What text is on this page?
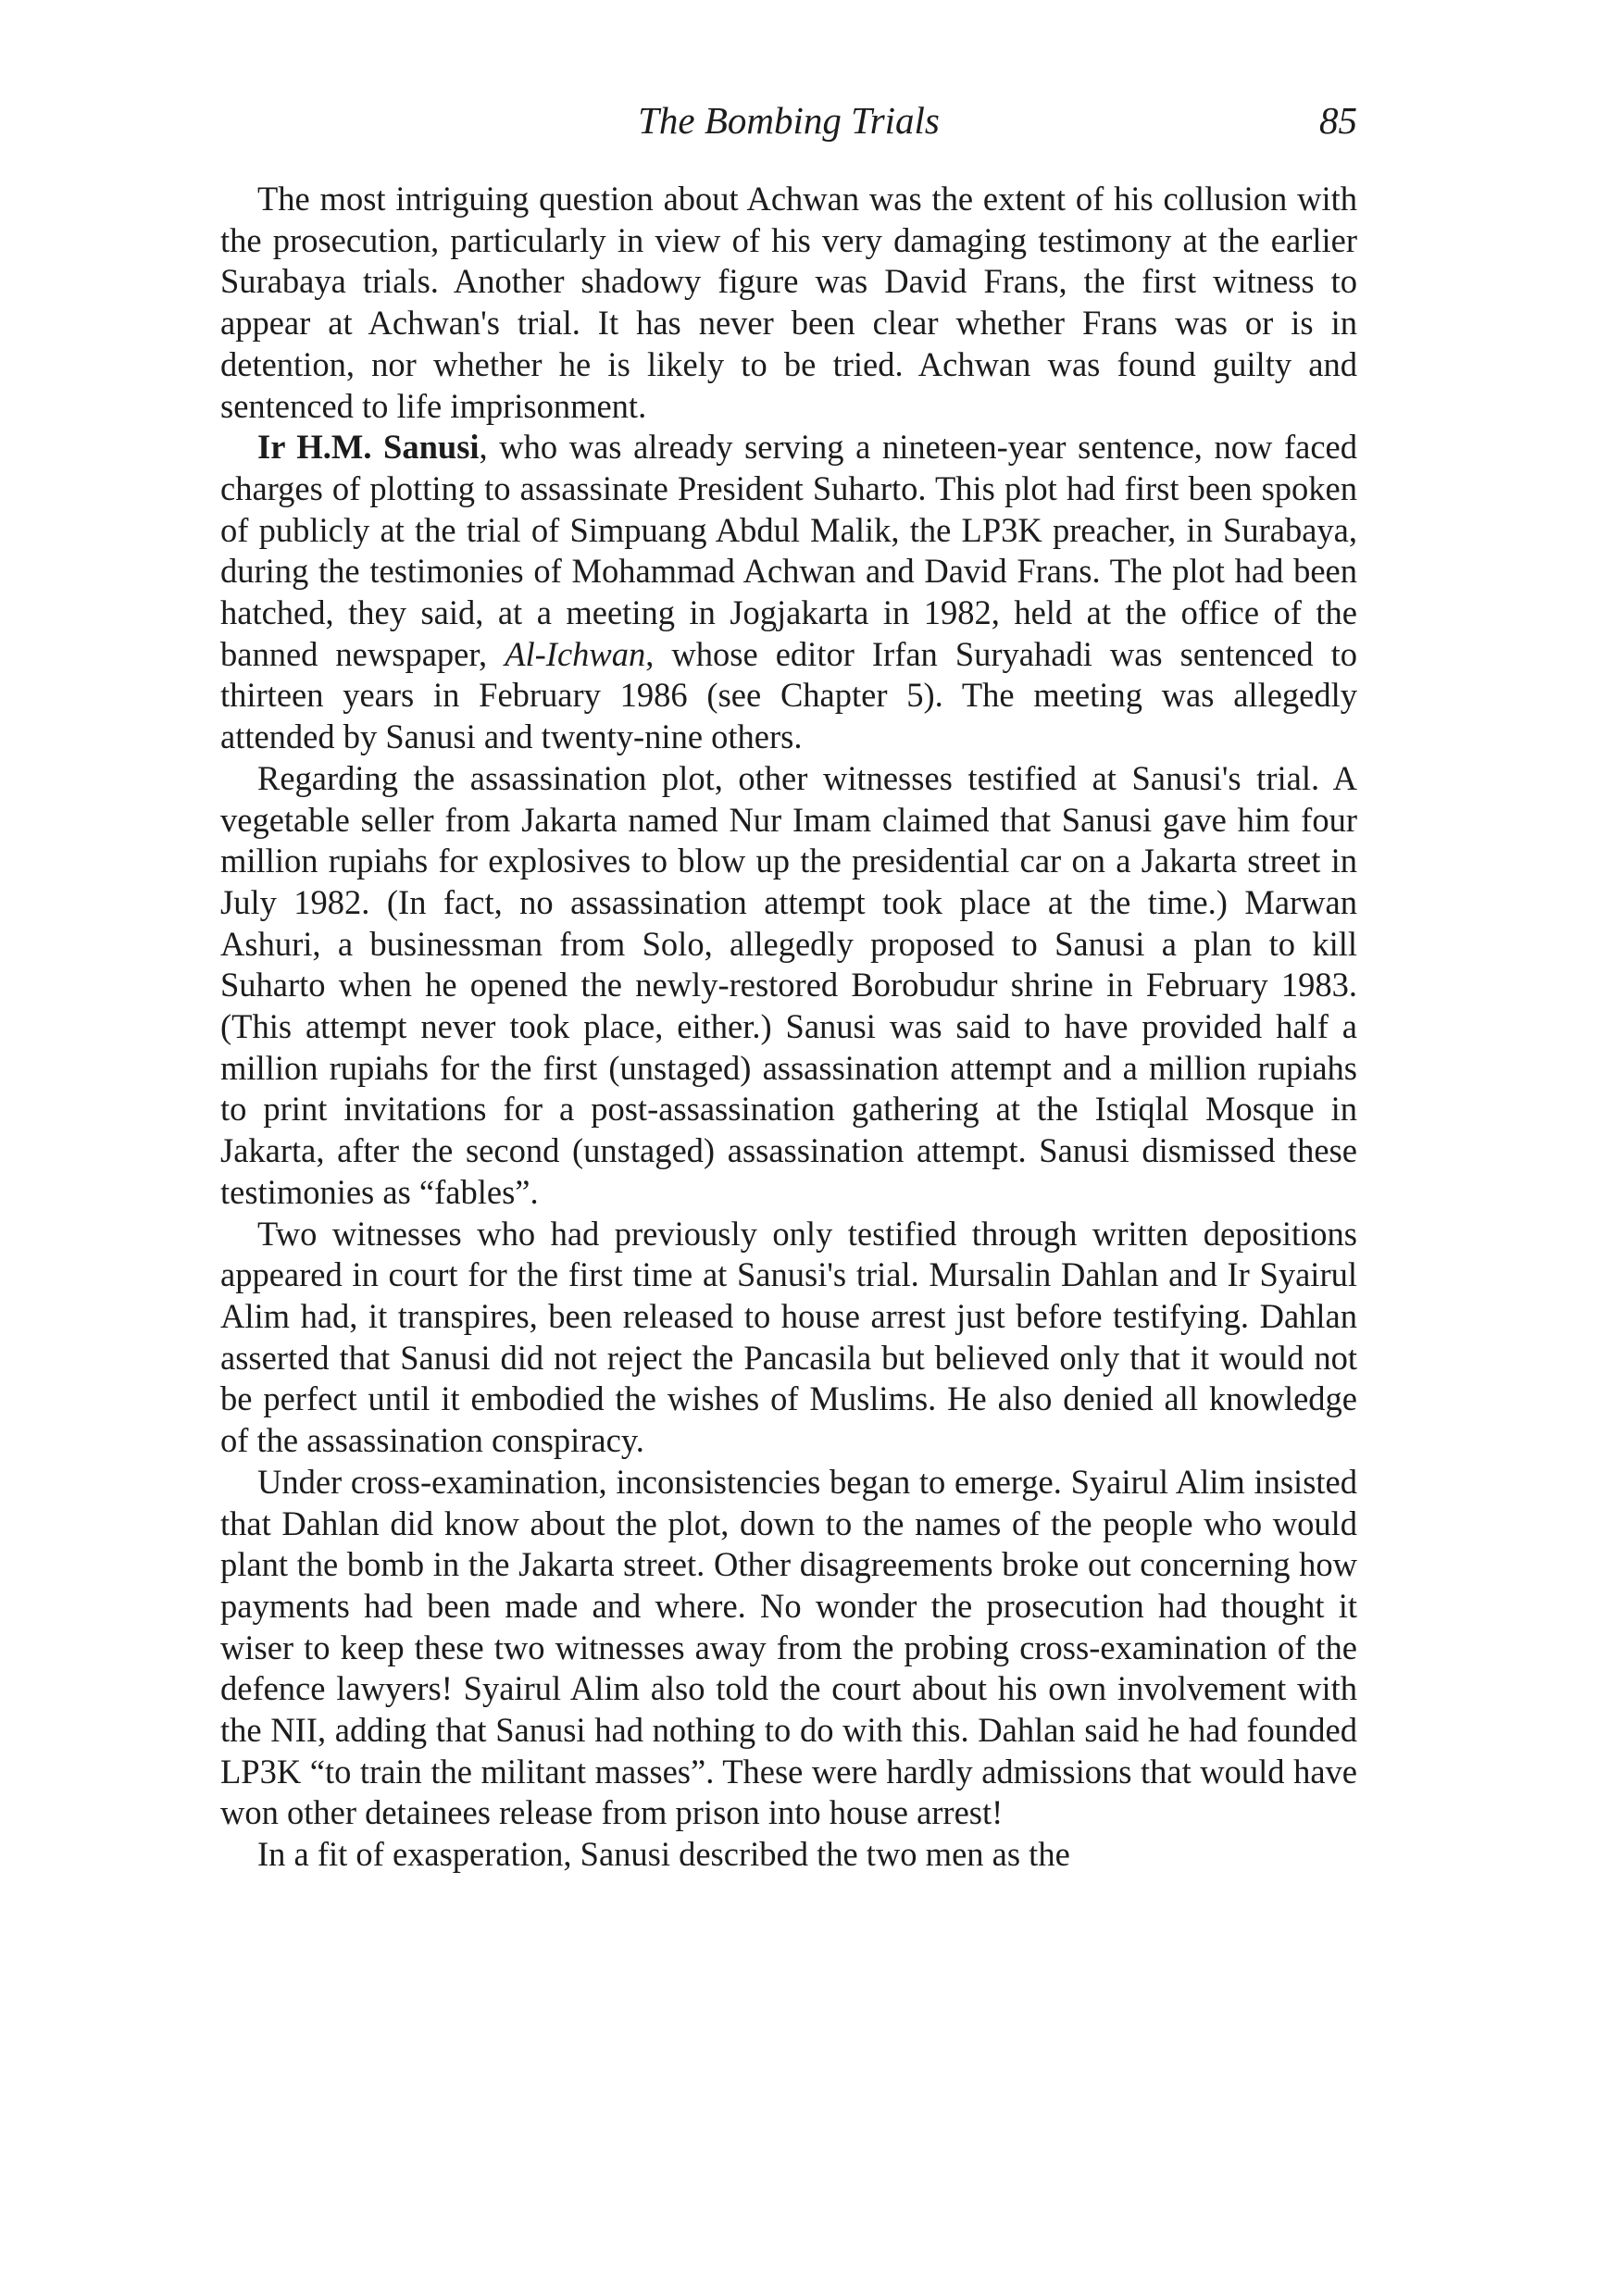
The Bombing Trials	85

The most intriguing question about Achwan was the extent of his collusion with the prosecution, particularly in view of his very damaging testimony at the earlier Surabaya trials. Another shadowy figure was David Frans, the first witness to appear at Achwan's trial. It has never been clear whether Frans was or is in detention, nor whether he is likely to be tried. Achwan was found guilty and sentenced to life imprisonment.

Ir H.M. Sanusi, who was already serving a nineteen-year sentence, now faced charges of plotting to assassinate President Suharto. This plot had first been spoken of publicly at the trial of Simpuang Abdul Malik, the LP3K preacher, in Surabaya, during the testimonies of Mohammad Achwan and David Frans. The plot had been hatched, they said, at a meeting in Jogjakarta in 1982, held at the office of the banned newspaper, Al-Ichwan, whose editor Irfan Suryahadi was sentenced to thirteen years in February 1986 (see Chapter 5). The meeting was allegedly attended by Sanusi and twenty-nine others.

Regarding the assassination plot, other witnesses testified at Sanusi's trial. A vegetable seller from Jakarta named Nur Imam claimed that Sanusi gave him four million rupiahs for explosives to blow up the presidential car on a Jakarta street in July 1982. (In fact, no assassination attempt took place at the time.) Marwan Ashuri, a businessman from Solo, allegedly proposed to Sanusi a plan to kill Suharto when he opened the newly-restored Borobudur shrine in February 1983. (This attempt never took place, either.) Sanusi was said to have provided half a million rupiahs for the first (unstaged) assassination attempt and a million rupiahs to print invitations for a post-assassination gathering at the Istiqlal Mosque in Jakarta, after the second (unstaged) assassination attempt. Sanusi dismissed these testimonies as “fables”.

Two witnesses who had previously only testified through written depositions appeared in court for the first time at Sanusi's trial. Mursalin Dahlan and Ir Syairul Alim had, it transpires, been released to house arrest just before testifying. Dahlan asserted that Sanusi did not reject the Pancasila but believed only that it would not be perfect until it embodied the wishes of Muslims. He also denied all knowledge of the assassination conspiracy.

Under cross-examination, inconsistencies began to emerge. Syairul Alim insisted that Dahlan did know about the plot, down to the names of the people who would plant the bomb in the Jakarta street. Other disagreements broke out concerning how payments had been made and where. No wonder the prosecution had thought it wiser to keep these two witnesses away from the probing cross-examination of the defence lawyers! Syairul Alim also told the court about his own involvement with the NII, adding that Sanusi had nothing to do with this. Dahlan said he had founded LP3K “to train the militant masses”. These were hardly admissions that would have won other detainees release from prison into house arrest!

In a fit of exasperation, Sanusi described the two men as the
